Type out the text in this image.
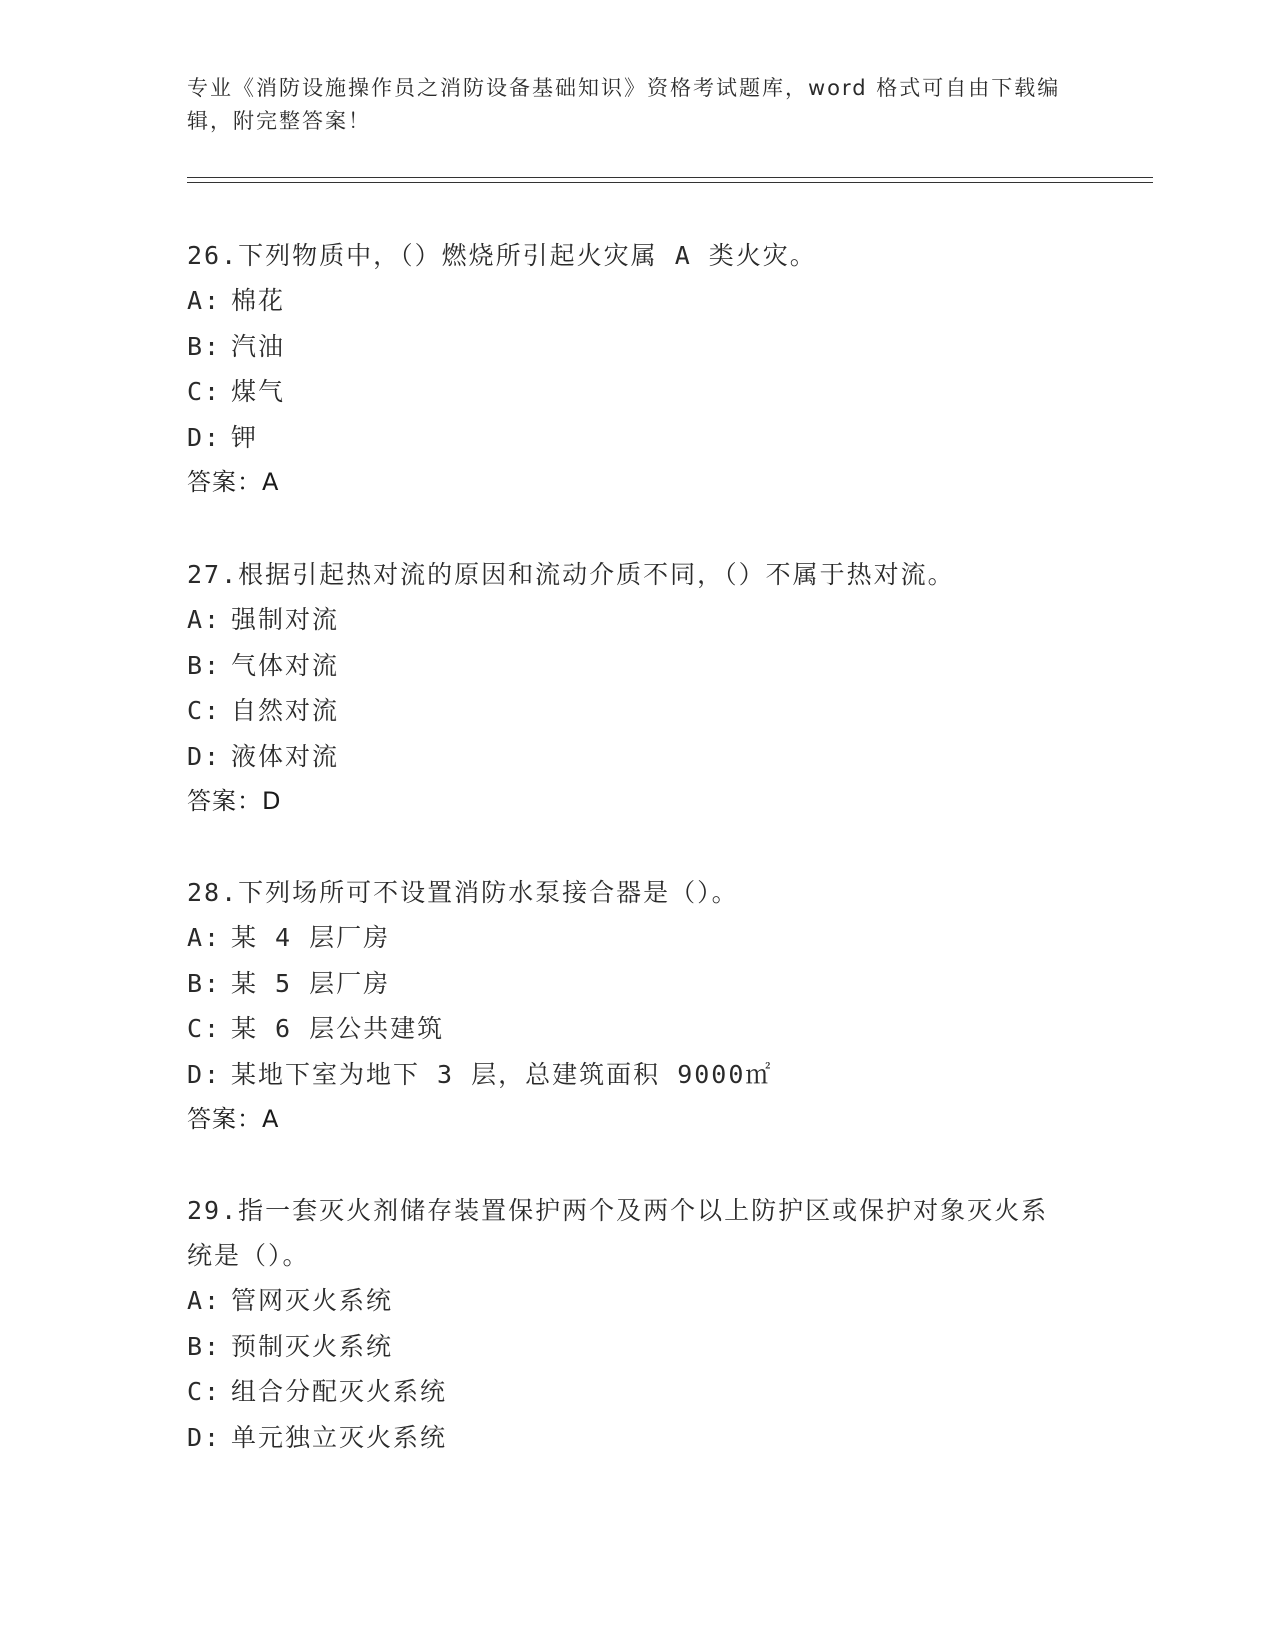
专业《消防设施操作员之消防设备基础知识》资格考试题库，word 格式可自由下载编辑，附完整答案！

26.下列物质中，（）燃烧所引起火灾属 A 类火灾。

A: 棉花

B: 汽油

C: 煤气

D: 钾

答案：A

27.根据引起热对流的原因和流动介质不同，（）不属于热对流。

A: 强制对流

B: 气体对流

C: 自然对流

D: 液体对流

答案：D

28.下列场所可不设置消防水泵接合器是（）。

A: 某 4 层厂房

B: 某 5 层厂房

C: 某 6 层公共建筑

D: 某地下室为地下 3 层，总建筑面积 9000㎡

答案：A

29.指一套灭火剂储存装置保护两个及两个以上防护区或保护对象灭火系统是（）。

A: 管网灭火系统

B: 预制灭火系统

C: 组合分配灭火系统

D: 单元独立灭火系统
